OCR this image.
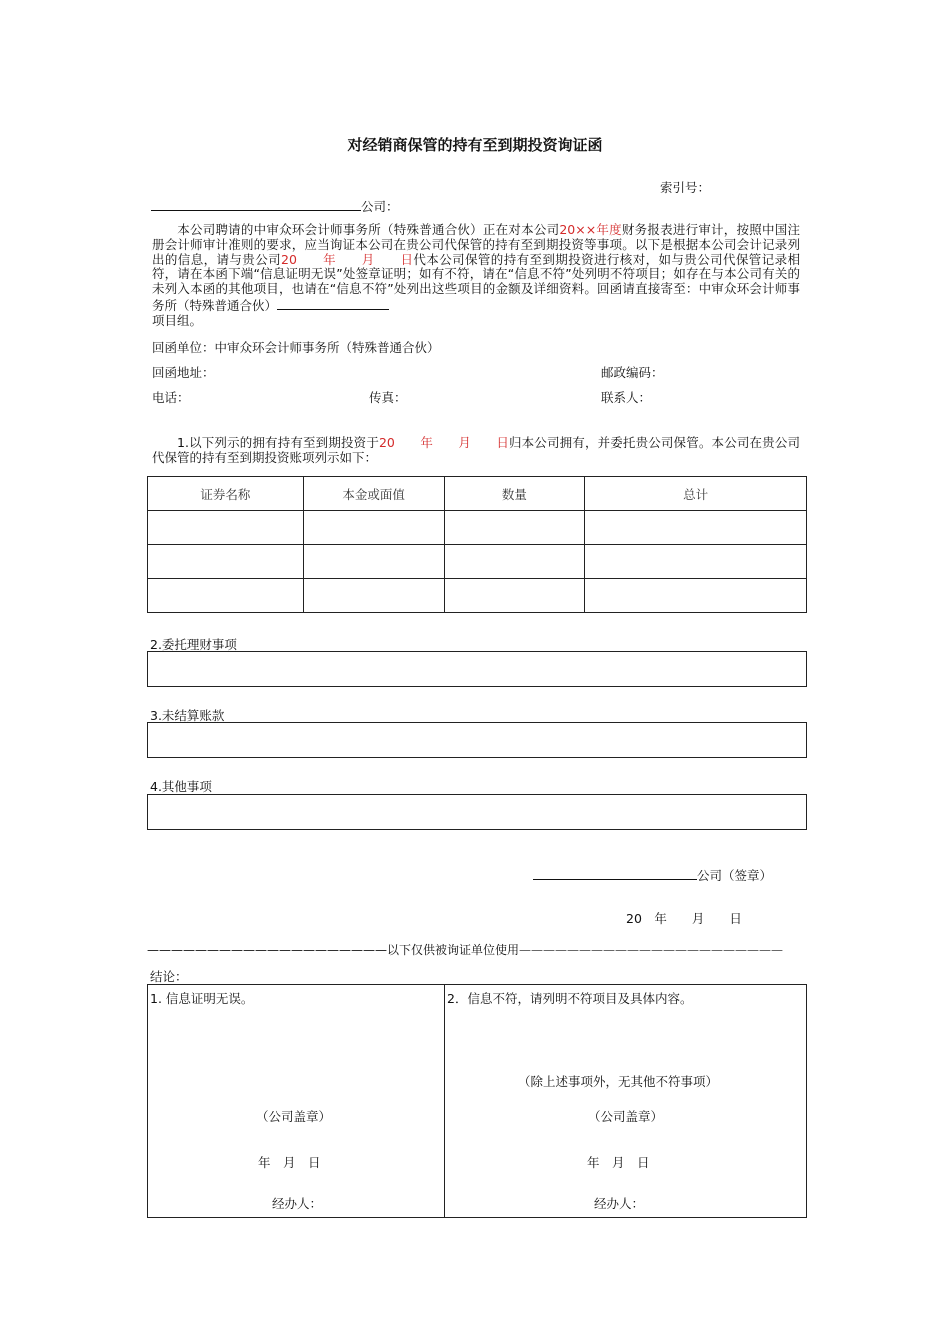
对经销商保管的持有至到期投资询证函
索引号：
公司：
本公司聘请的中审众环会计师事务所（特殊普通合伙）正在对本公司20××年度财务报表进行审计，按照中国注册会计师审计准则的要求，应当询证本公司在贵公司代保管的持有至到期投资等事项。以下是根据本公司会计记录列出的信息，请与贵公司20　　年　　月　　日代本公司保管的持有至到期投资进行核对，如与贵公司代保管记录相符，请在本函下端“信息证明无误”处签章证明；如有不符，请在“信息不符”处列明不符项目；如存在与本公司有关的未列入本函的其他项目，也请在“信息不符”处列出这些项目的金额及详细资料。回函请直接寄至：中审众环会计师事务所（特殊普通合伙）
项目组。
回函单位：中审众环会计师事务所（特殊普通合伙）
回函地址：	邮政编码：
电话：	传真：	联系人：
1.以下列示的拥有持有至到期投资于20　　年　　月　　日归本公司拥有，并委托贵公司保管。本公司在贵公司代保管的持有至到期投资账项列示如下：
证券名称	本金或面值	数量	总计

2.委托理财事项
3.未结算账款
4.其他事项
公司（签章）
20　年　　月　　日
————————————————————以下仅供被询证单位使用——————————————————————
结论：
1. 信息证明无误。
（公司盖章）
年　月　日
经办人：
2．信息不符，请列明不符项目及具体内容。
（除上述事项外，无其他不符事项）
（公司盖章）
年　月　日
经办人：
